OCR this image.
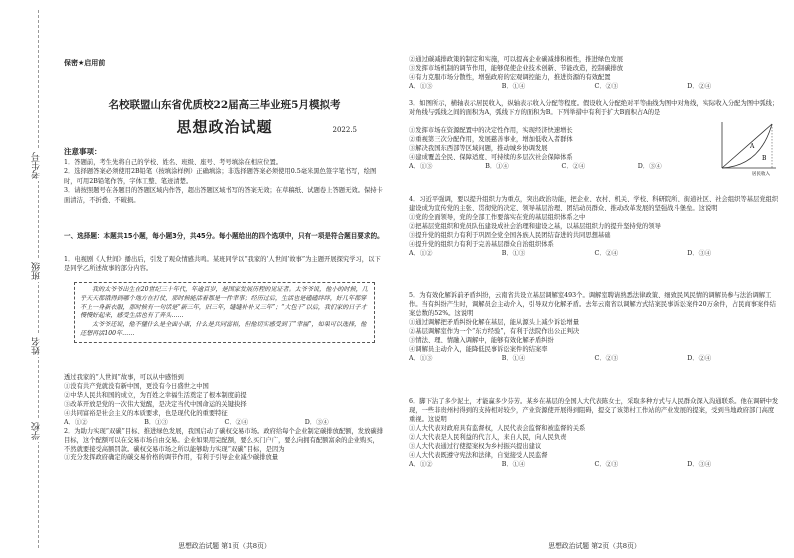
考生号
班级
姓名
学校
保密★启用前
名校联盟山东省优质校22届高三毕业班5月模拟考
思想政治试题	2022.5
注意事项：

1．答题前，考生先将自己的学校、姓名、班级、座号、考号填涂在相应位置。

2．选择题答案必须使用2B铅笔（按填涂样例）正确填涂；非选择题答案必须使用0.5毫米黑色签字笔书写，绘图时，可用2B铅笔作答，字体工整、笔迹清楚。

3．请按照题号在各题目的答题区域内作答，超出答题区域书写的答案无效；在草稿纸、试题卷上答题无效。保持卡面清洁，不折叠、不破损。

一、选择题：本题共15小题，每小题3分，共45分。每小题给出的四个选项中，只有一项是符合题目要求的。
1．电视剧《人世间》播出后，引发了观众情感共鸣。某班同学以“我家的‘人世间’故事”为主题开展探究学习，以下是同学乙所述故事的部分内容。

我的太爷爷出生在20世纪三十年代，年逾百岁，是国家发展历程的见证者。太爷爷说，他小的时候，几乎天天都饿得到哪个地方在打仗，那时候能活着都是一件幸事；经历过后，生活也是磕磕绊绊，好几年都穿不上一身新衣服，那时候有一句话是“新三年，旧三年，缝缝补补又三年”；“大包干”以后，我们家的日子才慢慢好起来，感受生活也有了奔头……

太爷爷还说，他不懂什么是全面小康，什么是共同富裕，但他切实感受到了“幸福”，如果可以选择，他还想再活100年……

透过我家的“人世间”故事，可以从中感悟到

①没有共产党就没有新中国，更没有今日盛世之中国

②中华人民共和国的成立，为百姓之幸福生活奠定了根本制度前提

③改革开放是党的一次伟大觉醒，是决定当代中国命运的关键抉择

④共同富裕是社会主义的本质要求，也是现代化的重要特征

A．①②	B．①③	C．②④	D．③④

2．为助力实现“双碳”目标、推进绿色发展，我国启动了碳权交易市场。政府给每个企业制定碳排放配额，发放碳排目标，这个配额可以在交易市场自由交易。企业如果用完配额，要么买门户广，要么向拥有配额富余的企业购买，不然就要接受高额罚款。碳权交易市场之所以能够助力实现“双碳”目标，是因为

①充分发挥政府确定的碳交易价格的调节作用，有利于引导企业减少碳排放量

思想政治试题 第1页（共8页）

②通过碳减排政策的制定和实施，可以提高企业碳减排积极性，推进绿色发展

③发挥市场机制的调节作用，能够促使企业技术创新、节能改造，控制碳排放

④有力克服市场分散性，增强政府的宏观调控能力，推进资源的有效配置

A．①③	B．①④	C．②③	D．②④
3．如图所示，横轴表示居民收入，纵轴表示收入分配等程度。假设收入分配绝对平等曲线为图中对角线，实际收入分配为图中弧线；对角线与弧线之间的面积为A，弧线下方的面积为B。下列举措中有利于扩大B面积占A的是

①发挥市场在资源配置中的决定性作用，实现经济快速增长

②重视第三次分配作用，发展慈善事业，增加低收入者群体

③解决我国东西部等区域问题，推动城乡协调发展

④建成覆盖全民、保障适度、可持续的多层次社会保障体系

A．①③	B．①④	C．②④	D．③④
A
B
居民收入

4．习近平强调，要以提升组织力为重点，突出政治功能，把企业、农村、机关、学校、科研院所、街道社区、社会组织等基层党组织建设成为宣传党的主张、贯彻党的决定、领导基层治理、团结动员群众、推动改革发展的坚强战斗堡垒。这说明

①党的全面领导，党的全部工作要落实在党的基层组织体系之中

②把基层党组织和党员队伍建设成社会治理和建设之基，以基层组织力的提升坚持党的领导

③提升党的组织力有利于巩固全党全国各族人民团结奋进的共同思想基础

④提升党的组织力有利于完善基层群众自治组织体系

A．①②	B．①③	C．②④	D．③④

5．为有效化解诉前矛盾纠纷，云南省共设立基层调解室493个。调解室聘请熟悉法律政策、细致民风民情的调解员参与法治调解工作。当有纠纷产生时，调解员会主动介入，引导双方化解矛盾。去年云南省以调解方式结案民事诉讼案件20万余件，占民商事案件结案总数的52%。这说明

①通过调解把矛盾纠纷化解在基层，能从源头上减少诉讼增量

②基层调解室作为一个“东方经验”，有利于法院作出公正判决

③情法、理、情融入调解中，能够有效化解矛盾纠纷

④调解员主动介入，能降低民事诉讼案件的结案率

A．①③	B．①④	C．②③	D．②④

6．脚下沾了多少泥土，才能赢多少芬芳。某乡在基层的全国人大代表陈女士，采取多种方式与人民群众深入沟通联系。他在调研中发现，一些非贵州村得到的支持相对较少，产业资源使开展得到阻碍，提交了该第村工作站的产业发展的提案，受到当地政府部门高度重视。这说明

①人大代表对政府具有监督权，人民代表会监督和被监督的关系

②人大代表是人民利益的代言人，来自人民，向人民负责

③人大代表通过行使提案权为乡村振兴提出建议

④人大代表既遵守宪法和法律，自觉接受人民监督

A．①②	B．①④	C．②③	D．③④
思想政治试题 第2页（共8页）
